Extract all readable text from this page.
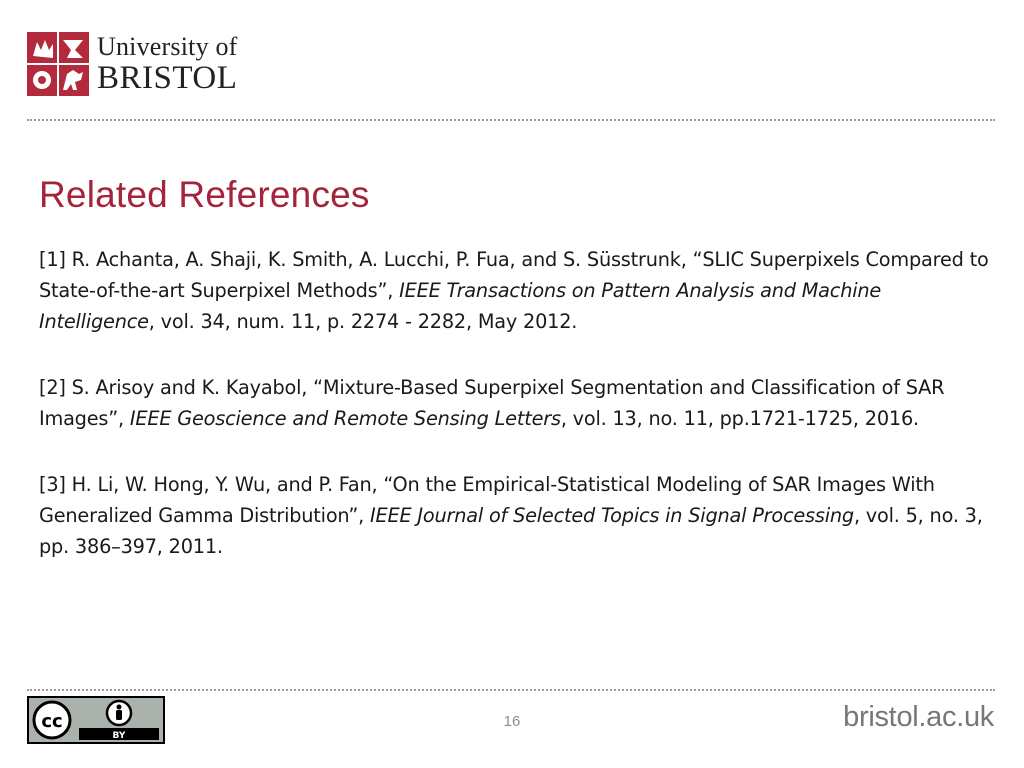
University of
BRISTOL
Related References

[1] R. Achanta, A. Shaji, K. Smith, A. Lucchi, P. Fua, and S. Süsstrunk, “SLIC Superpixels Compared to State-of-the-art Superpixel Methods”, IEEE Transactions on Pattern Analysis and Machine Intelligence, vol. 34, num. 11, p. 2274 - 2282, May 2012.

[2] S. Arisoy and K. Kayabol, “Mixture-Based Superpixel Segmentation and Classification of SAR Images”, IEEE Geoscience and Remote Sensing Letters, vol. 13, no. 11, pp.1721-1725, 2016.

[3] H. Li, W. Hong, Y. Wu, and P. Fan, “On the Empirical-Statistical Modeling of SAR Images With Generalized Gamma Distribution”, IEEE Journal of Selected Topics in Signal Processing, vol. 5, no. 3, pp. 386–397, 2011.

cc
BY
16	bristol.ac.uk
